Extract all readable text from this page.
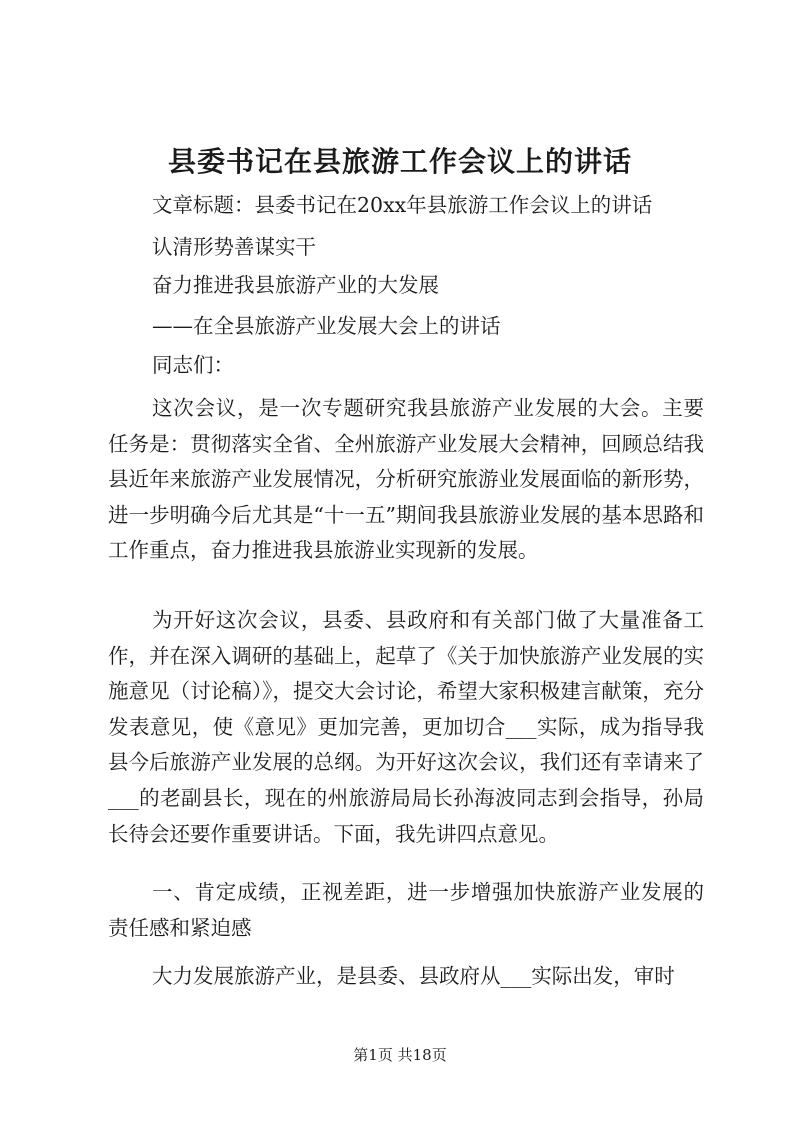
县委书记在县旅游工作会议上的讲话
文章标题：县委书记在20xx年县旅游工作会议上的讲话
认清形势善谋实干
奋力推进我县旅游产业的大发展
——在全县旅游产业发展大会上的讲话
同志们：
这次会议，是一次专题研究我县旅游产业发展的大会。主要任务是：贯彻落实全省、全州旅游产业发展大会精神，回顾总结我县近年来旅游产业发展情况，分析研究旅游业发展面临的新形势，进一步明确今后尤其是“十一五”期间我县旅游业发展的基本思路和工作重点，奋力推进我县旅游业实现新的发展。
为开好这次会议，县委、县政府和有关部门做了大量准备工作，并在深入调研的基础上，起草了《关于加快旅游产业发展的实施意见（讨论稿）》，提交大会讨论，希望大家积极建言献策，充分发表意见，使《意见》更加完善，更加切合___实际，成为指导我县今后旅游产业发展的总纲。为开好这次会议，我们还有幸请来了___的老副县长，现在的州旅游局局长孙海波同志到会指导，孙局长待会还要作重要讲话。下面，我先讲四点意见。
一、肯定成绩，正视差距，进一步增强加快旅游产业发展的责任感和紧迫感
大力发展旅游产业，是县委、县政府从___实际出发，审时
第1页 共18页
